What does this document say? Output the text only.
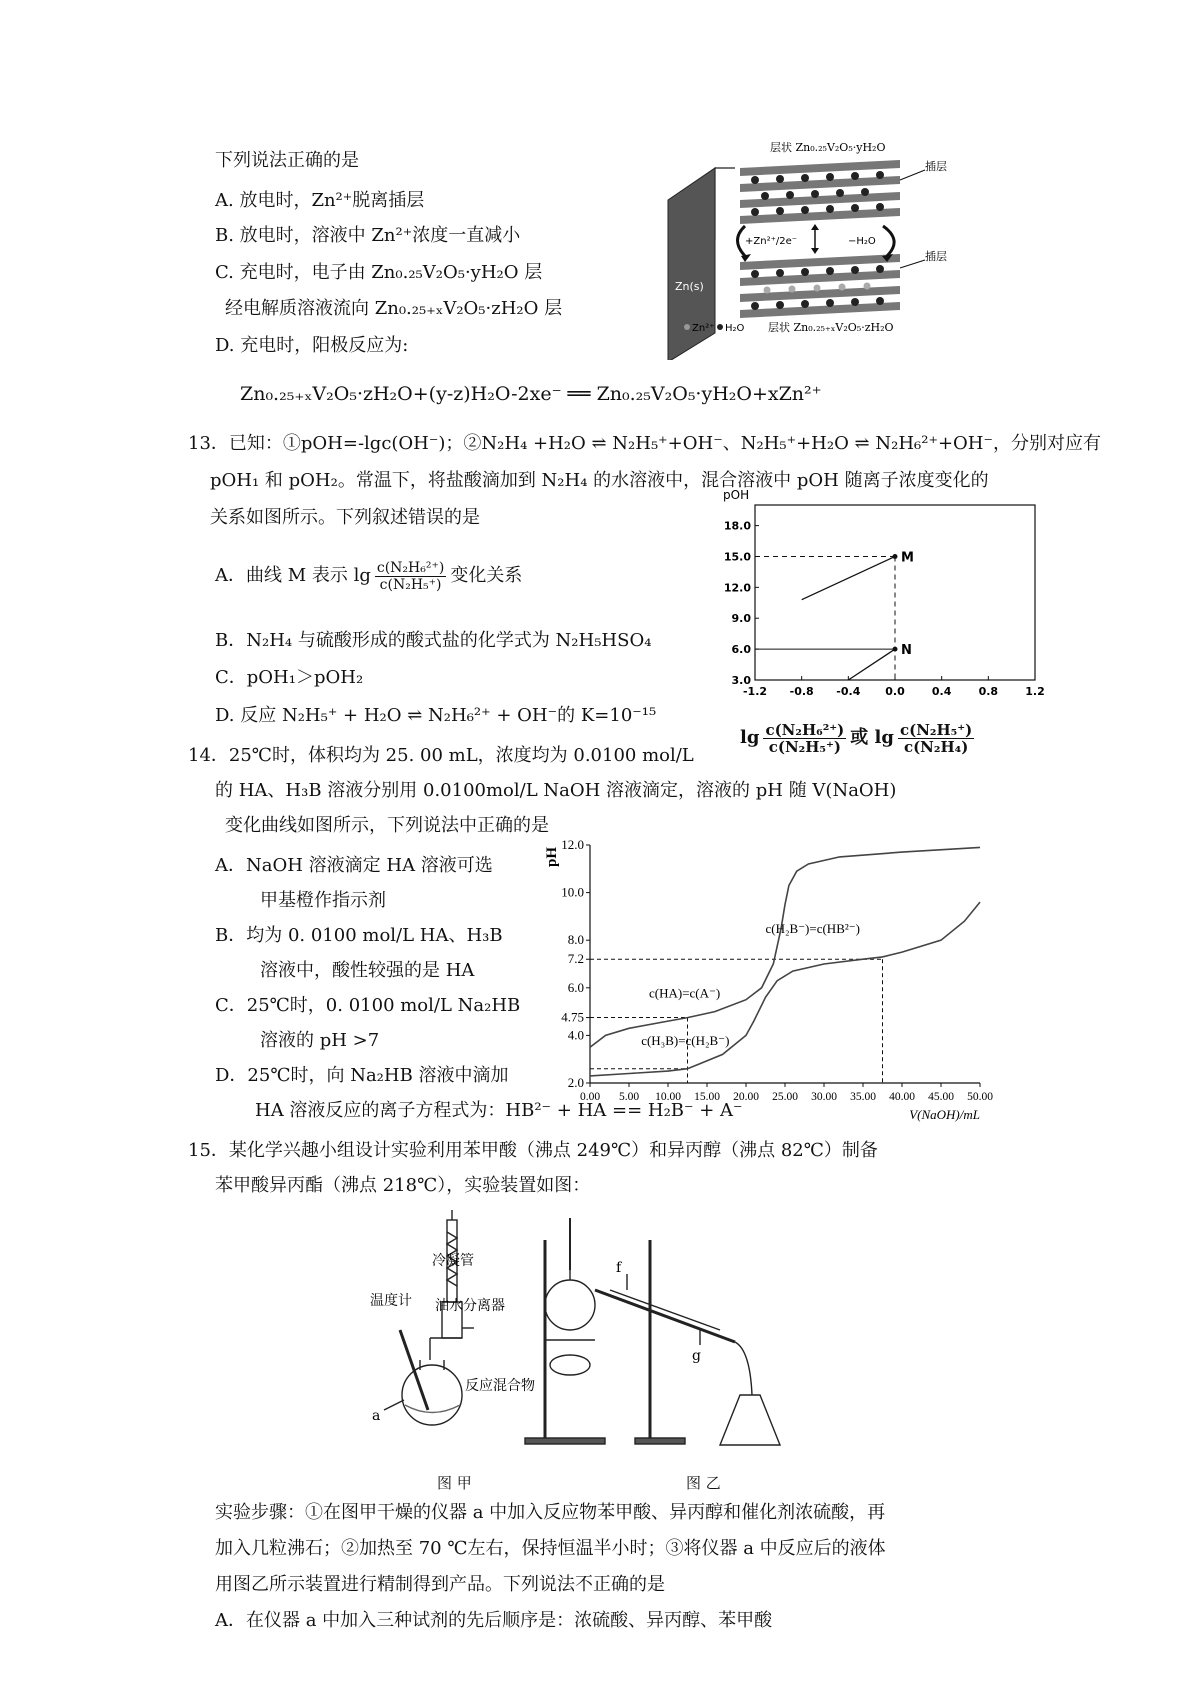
下列说法正确的是
A. 放电时，Zn²⁺脱离插层
B. 放电时，溶液中 Zn²⁺浓度一直减小
C. 充电时，电子由 Zn₀.₂₅V₂O₅·yH₂O 层
经电解质溶液流向 Zn₀.₂₅₊ₓV₂O₅·zH₂O 层
D. 充电时，阳极反应为:
Zn₀.₂₅₊ₓV₂O₅·zH₂O+(y-z)H₂O-2xe⁻ ══ Zn₀.₂₅V₂O₅·yH₂O+xZn²⁺
层状 Zn₀.₂₅V₂O₅·yH₂O
插层
插层
+Zn²⁺/2e⁻	−H₂O
Zn(s)
Zn²⁺ H₂O 层状 Zn₀.₂₅₊ₓV₂O₅·zH₂O
13．已知：①pOH=-lgc(OH⁻)；②N₂H₄ +H₂O ⇌ N₂H₅⁺+OH⁻、N₂H₅⁺+H₂O ⇌ N₂H₆²⁺+OH⁻，分别对应有
pOH₁ 和 pOH₂。常温下，将盐酸滴加到 N₂H₄ 的水溶液中，混合溶液中 pOH 随离子浓度变化的
关系如图所示。下列叙述错误的是
A．曲线 M 表示 $\lg \frac{\text{c(N₂H₆²⁺)}}{\text{c(N₂H₅⁺)}}$ 变化关系
B．N₂H₄ 与硫酸形成的酸式盐的化学式为 N₂H₅HSO₄
C．pOH₁＞pOH₂
D. 反应 N₂H₅⁺ + H₂O ⇌ N₂H₆²⁺ + OH⁻的 K=10⁻¹⁵
pOH
3.0
6.0
9.0
12.0
15.0
18.0
-1.2 -0.8 -0.4 0.0 0.4 0.8 1.2
M
N
$\lg \frac{\text{c(N₂H₆²⁺)}}{\text{c(N₂H₅⁺)}}$ 或 $\lg \frac{\text{c(N₂H₅⁺)}}{\text{c(N₂H₄)}}$
14．25℃时，体积均为 25. 00 mL，浓度均为 0.0100 mol/L
的 HA、H₃B 溶液分别用 0.0100mol/L NaOH 溶液滴定，溶液的 pH 随 V(NaOH)
变化曲线如图所示，下列说法中正确的是
A．NaOH 溶液滴定 HA 溶液可选
甲基橙作指示剂
B．均为 0. 0100 mol/L HA、H₃B
溶液中，酸性较强的是 HA
C．25℃时，0. 0100 mol/L Na₂HB
溶液的 pH >7
D．25℃时，向 Na₂HB 溶液中滴加
HA 溶液反应的离子方程式为：HB²⁻ + HA == H₂B⁻ + A⁻
pH
V(NaOH)/mL
2.0
4.0
4.75
6.0
7.2
8.0
10.0
12.0
0.00 5.00 10.00 15.00 20.00 25.00 30.00 35.00 40.00 45.00 50.00
c(HA)=c(A⁻)
c(H₃B)=c(H₂B⁻)
c(H₂B⁻)=c(HB²⁻)
15．某化学兴趣小组设计实验利用苯甲酸（沸点 249℃）和异丙醇（沸点 82℃）制备
苯甲酸异丙酯（沸点 218℃），实验装置如图：
冷凝管
温度计 油水分离器
反应混合物
a
f
g
图 甲	图 乙
实验步骤：①在图甲干燥的仪器 a 中加入反应物苯甲酸、异丙醇和催化剂浓硫酸，再
加入几粒沸石；②加热至 70 ℃左右，保持恒温半小时；③将仪器 a 中反应后的液体
用图乙所示装置进行精制得到产品。下列说法不正确的是
A．在仪器 a 中加入三种试剂的先后顺序是：浓硫酸、异丙醇、苯甲酸
